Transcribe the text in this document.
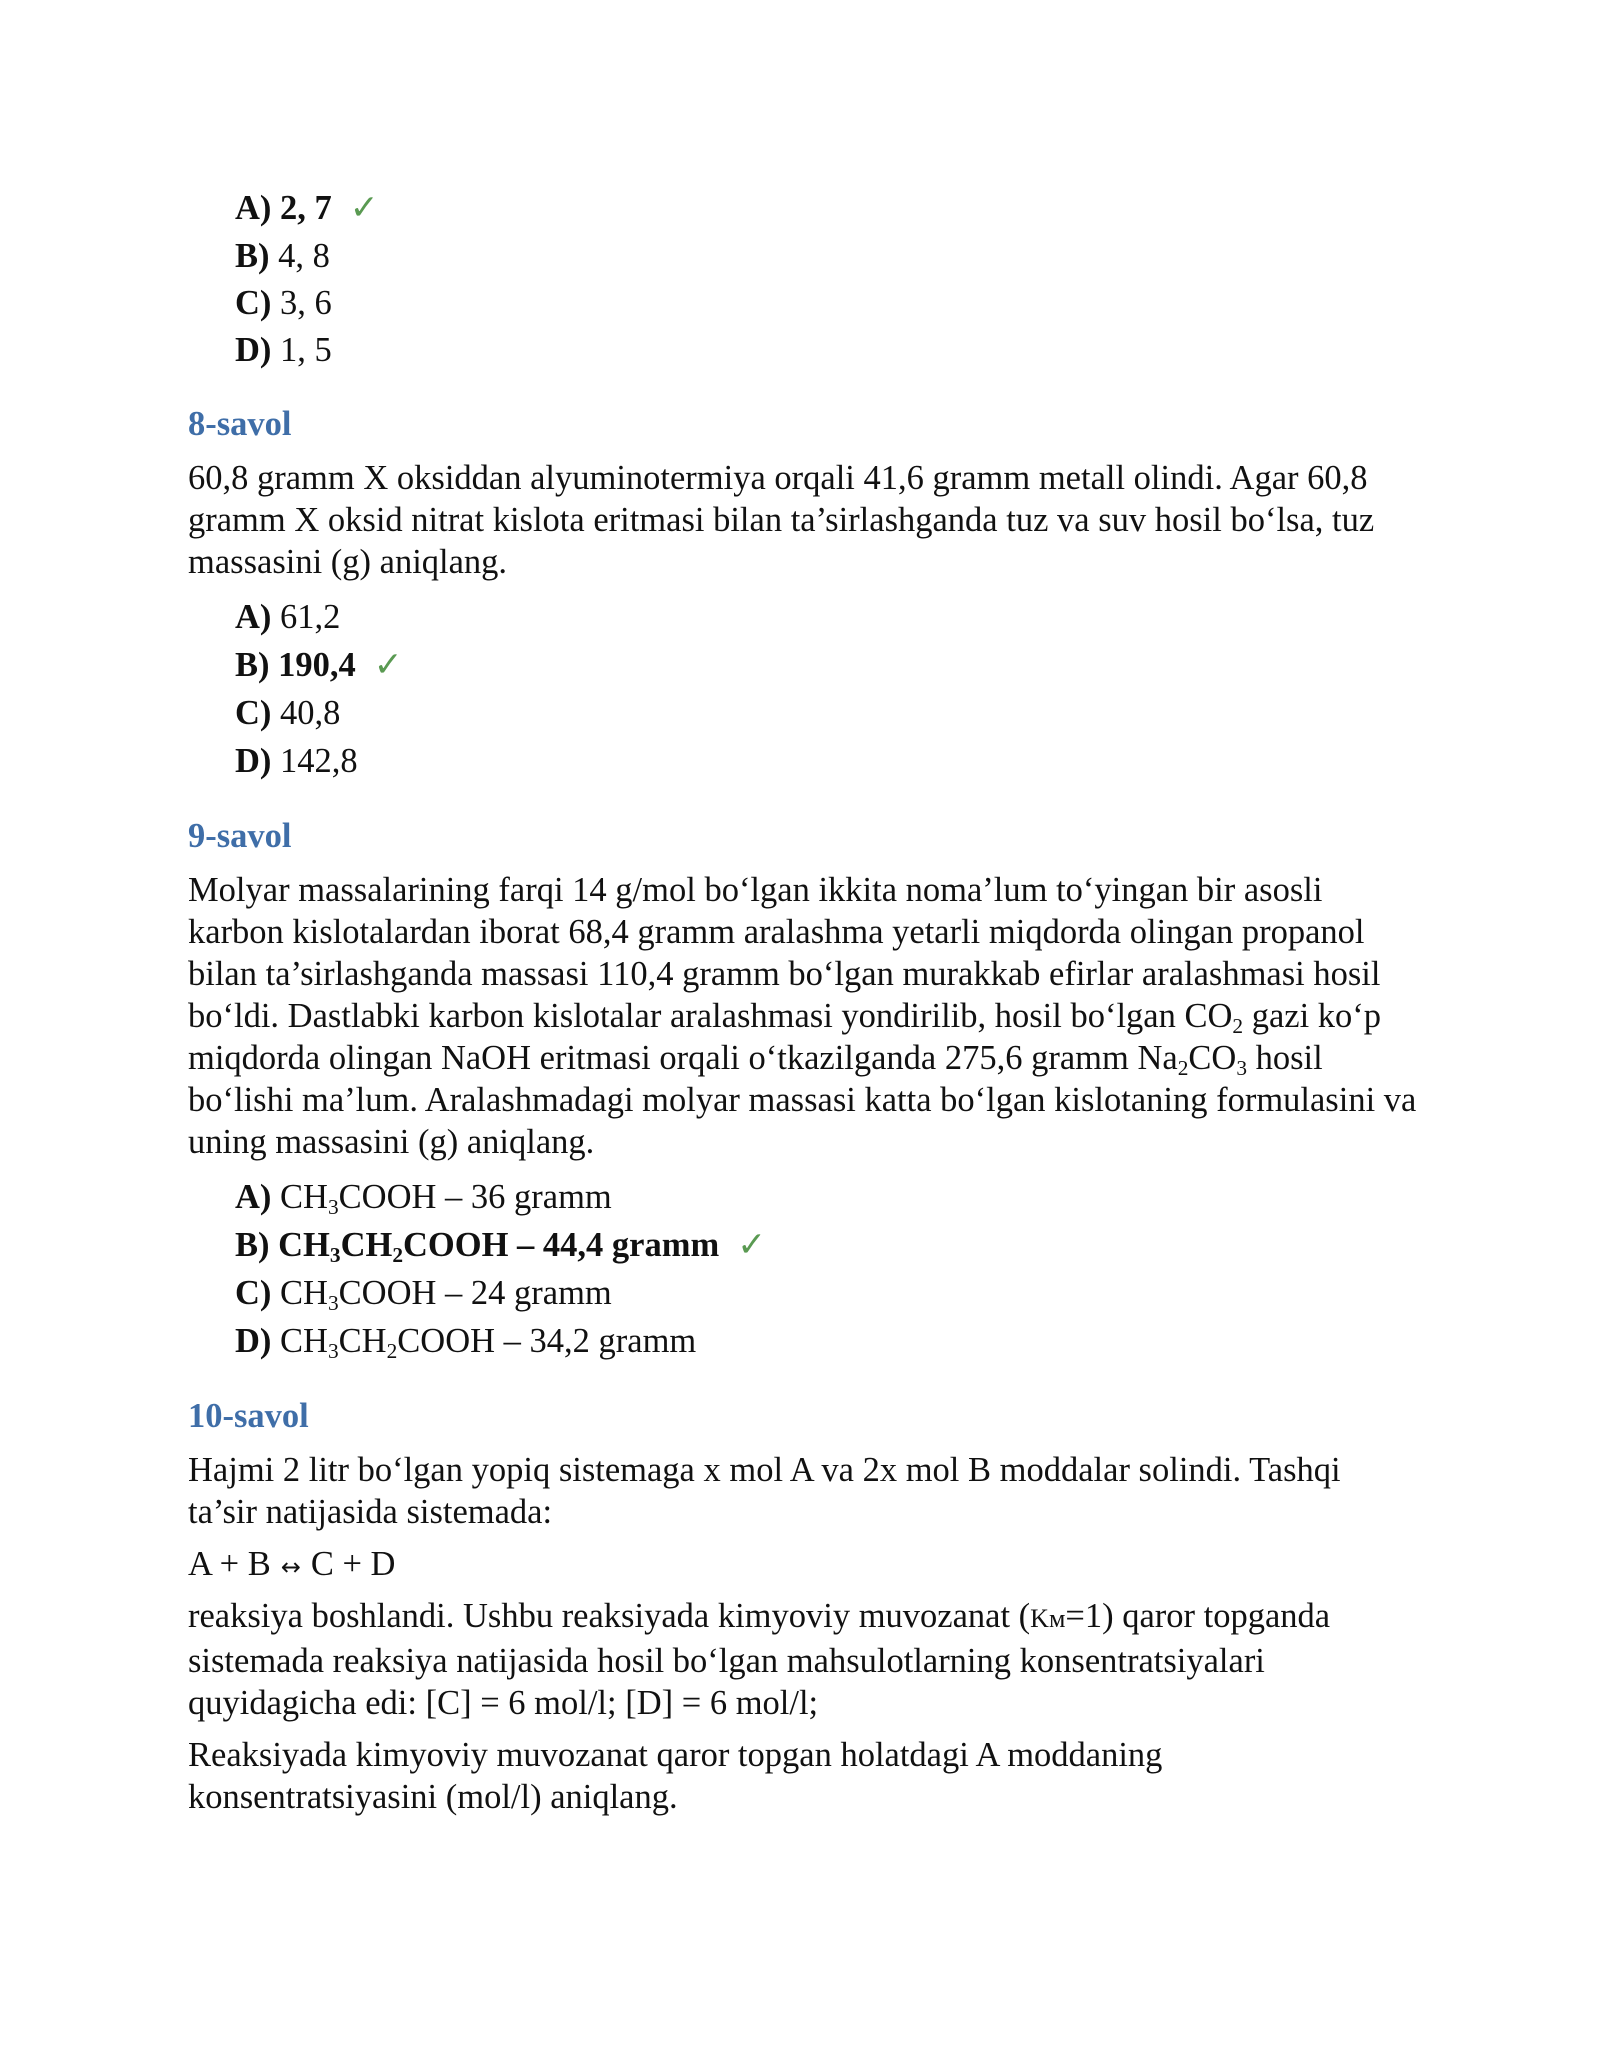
A) 2, 7 ✓
B) 4, 8
C) 3, 6
D) 1, 5
8-savol

60,8 gramm X oksiddan alyuminotermiya orqali 41,6 gramm metall olindi. Agar 60,8 gramm X oksid nitrat kislota eritmasi bilan ta’sirlashganda tuz va suv hosil bo‘lsa, tuz massasini (g) aniqlang.

A) 61,2
B) 190,4 ✓
C) 40,8
D) 142,8
9-savol

Molyar massalarining farqi 14 g/mol bo‘lgan ikkita noma’lum to‘yingan bir asosli karbon kislotalardan iborat 68,4 gramm aralashma yetarli miqdorda olingan propanol bilan ta’sirlashganda massasi 110,4 gramm bo‘lgan murakkab efirlar aralashmasi hosil bo‘ldi. Dastlabki karbon kislotalar aralashmasi yondirilib, hosil bo‘lgan $CO_2$ gazi ko‘p miqdorda olingan NaOH eritmasi orqali o‘tkazilganda 275,6 gramm $Na_2CO_3$ hosil bo‘lishi ma’lum. Aralashmadagi molyar massasi katta bo‘lgan kislotaning formulasini va uning massasini (g) aniqlang.

A) $CH_3COOH - 36$ gramm
B) $CH_3CH_2COOH - 44,4$ gramm ✓
C) $CH_3COOH - 24$ gramm
D) $CH_3CH_2COOH - 34,2$ gramm
10-savol

Hajmi 2 litr bo‘lgan yopiq sistemaga x mol A va 2x mol B moddalar solindi. Tashqi ta’sir natijasida sistemada:

A + B ↔ C + D

reaksiya boshlandi. Ushbu reaksiyada kimyoviy muvozanat (Kм=1) qaror topganda sistemada reaksiya natijasida hosil bo‘lgan mahsulotlarning konsentratsiyalari quyidagicha edi: [C] = 6 mol/l; [D] = 6 mol/l;

Reaksiyada kimyoviy muvozanat qaror topgan holatdagi A moddaning konsentratsiyasini (mol/l) aniqlang.
